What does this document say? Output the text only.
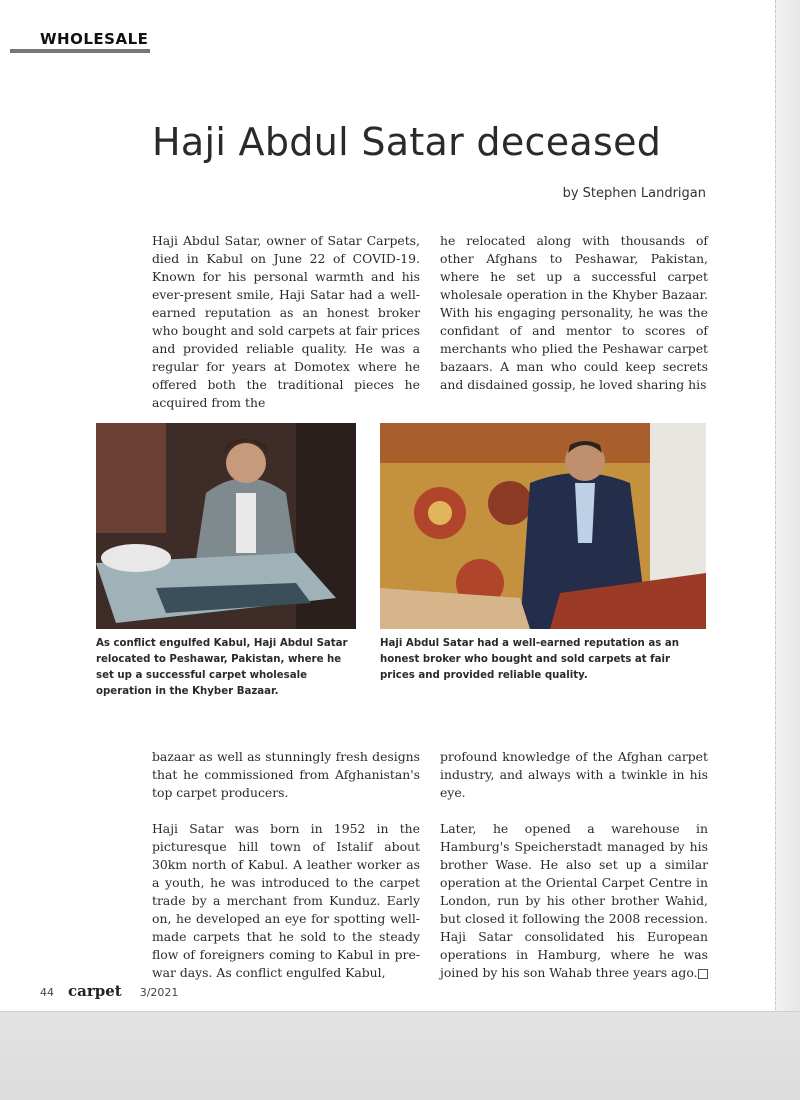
WHOLESALE
Haji Abdul Satar deceased
by Stephen Landrigan

Haji Abdul Satar, owner of Satar Carpets, died in Kabul on June 22 of COVID-19. Known for his personal warmth and his ever-present smile, Haji Satar had a well-earned reputation as an honest broker who bought and sold carpets at fair prices and provided reliable quality. He was a regular for years at Domotex where he offered both the traditional pieces he acquired from the

he relocated along with thousands of other Afghans to Peshawar, Pakistan, where he set up a successful carpet wholesale operation in the Khyber Bazaar. With his engaging personality, he was the confidant of and mentor to scores of merchants who plied the Peshawar carpet bazaars. A man who could keep secrets and disdained gossip, he loved sharing his

As conflict engulfed Kabul, Haji Abdul Satar relocated to Peshawar, Pakistan, where he set up a successful carpet wholesale operation in the Khyber Bazaar.
Haji Abdul Satar had a well-earned reputation as an honest broker who bought and sold carpets at fair prices and provided reliable quality.

bazaar as well as stunningly fresh designs that he commissioned from Afghanistan's top carpet producers.

Haji Satar was born in 1952 in the picturesque hill town of Istalif about 30km north of Kabul. A leather worker as a youth, he was introduced to the carpet trade by a merchant from Kunduz. Early on, he developed an eye for spotting well-made carpets that he sold to the steady flow of foreigners coming to Kabul in pre-war days. As conflict engulfed Kabul,

profound knowledge of the Afghan carpet industry, and always with a twinkle in his eye.

Later, he opened a warehouse in Hamburg's Speicherstadt managed by his brother Wase. He also set up a similar operation at the Oriental Carpet Centre in London, run by his other brother Wahid, but closed it following the 2008 recession. Haji Satar consolidated his European operations in Hamburg, where he was joined by his son Wahab three years ago.

44 carpet 3/2021
